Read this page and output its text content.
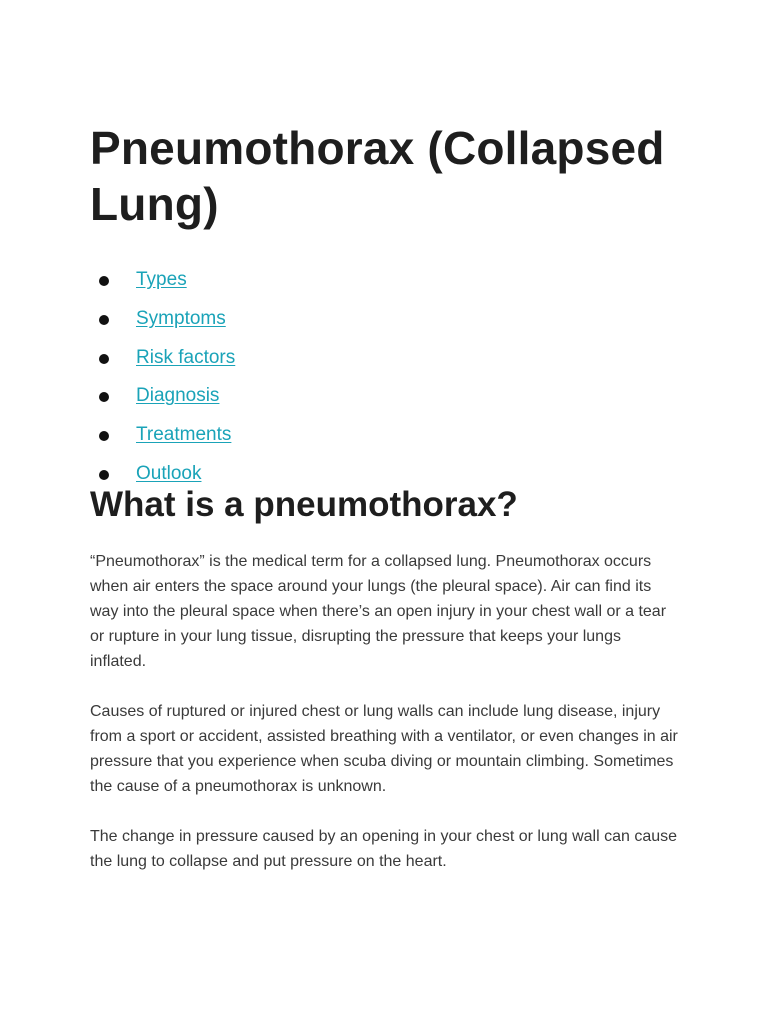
Pneumothorax (Collapsed Lung)
Types
Symptoms
Risk factors
Diagnosis
Treatments
Outlook
What is a pneumothorax?

“Pneumothorax” is the medical term for a collapsed lung. Pneumothorax occurs when air enters the space around your lungs (the pleural space). Air can find its way into the pleural space when there’s an open injury in your chest wall or a tear or rupture in your lung tissue, disrupting the pressure that keeps your lungs inflated.

Causes of ruptured or injured chest or lung walls can include lung disease, injury from a sport or accident, assisted breathing with a ventilator, or even changes in air pressure that you experience when scuba diving or mountain climbing. Sometimes the cause of a pneumothorax is unknown.

The change in pressure caused by an opening in your chest or lung wall can cause the lung to collapse and put pressure on the heart.
